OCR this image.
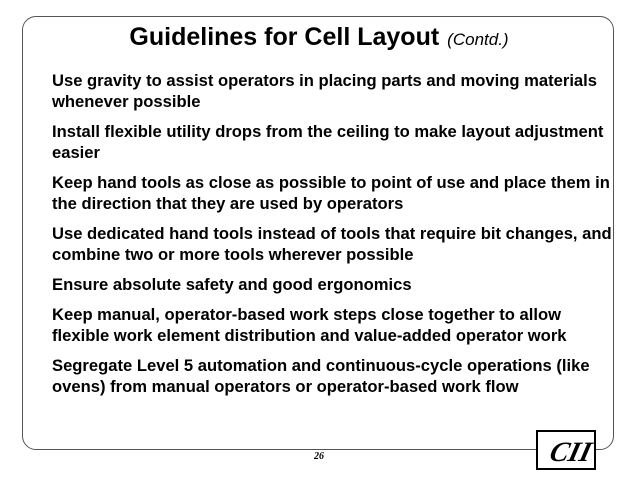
Guidelines for Cell Layout (Contd.)
Use gravity to assist operators in placing parts and moving materials whenever possible
Install flexible utility drops from the ceiling to make layout adjustment easier
Keep hand tools as close as possible to point of use and place them in the direction that they are used by operators
Use dedicated hand tools instead of tools that require bit changes, and combine two or more tools wherever possible
Ensure absolute safety and good ergonomics
Keep manual, operator-based work steps close together to allow flexible work element distribution and value-added operator work
Segregate Level 5 automation and continuous-cycle operations (like ovens) from manual operators or operator-based work flow
26	CII
